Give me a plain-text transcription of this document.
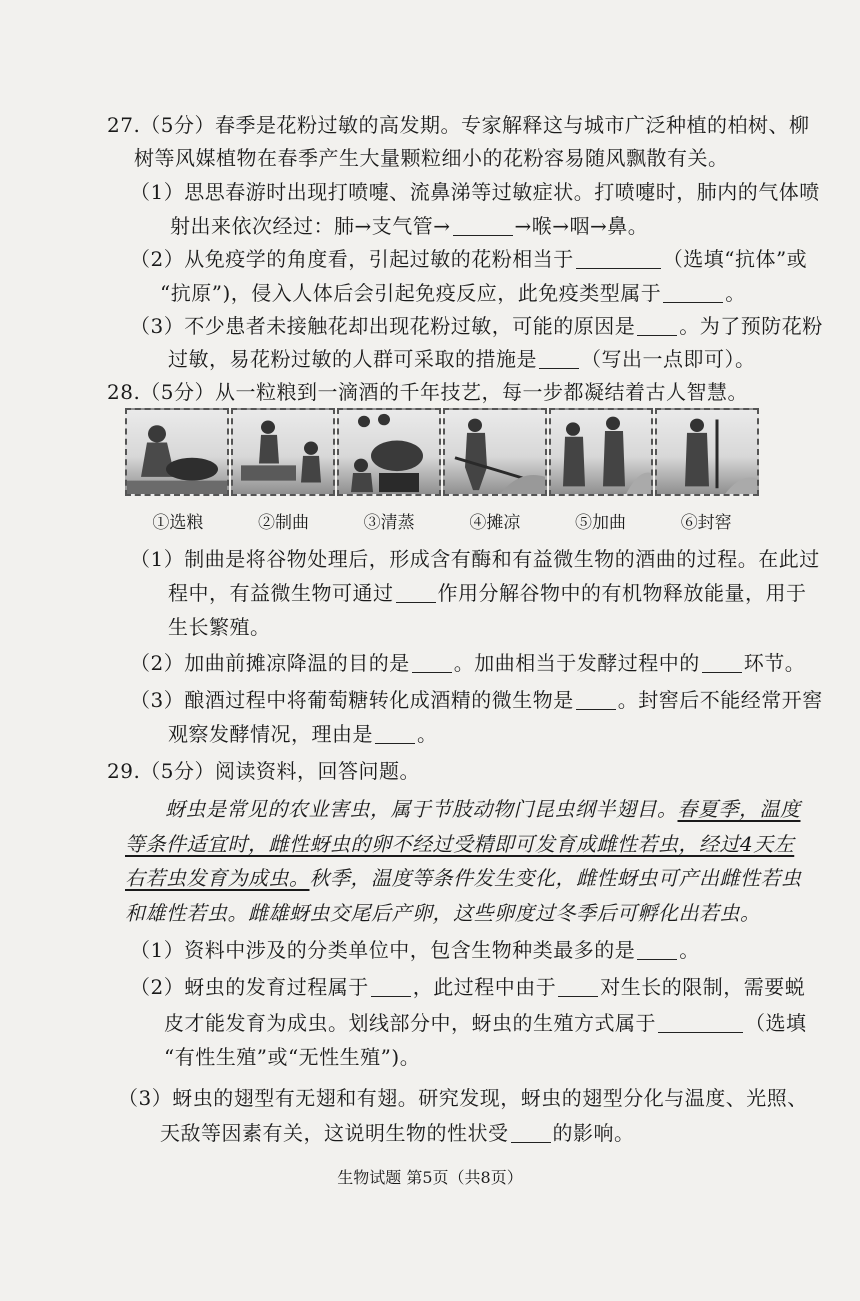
27.（5分）春季是花粉过敏的高发期。专家解释这与城市广泛种植的柏树、柳
树等风媒植物在春季产生大量颗粒细小的花粉容易随风飘散有关。
（1）思思春游时出现打喷嚏、流鼻涕等过敏症状。打喷嚏时，肺内的气体喷
射出来依次经过：肺→支气管→	→喉→咽→鼻。
（2）从免疫学的角度看，引起过敏的花粉相当于	（选填“抗体”或
“抗原”)，侵入人体后会引起免疫反应，此免疫类型属于	。
（3）不少患者未接触花却出现花粉过敏，可能的原因是 。为了预防花粉
过敏，易花粉过敏的人群可采取的措施是 （写出一点即可）。
28.（5分）从一粒粮到一滴酒的千年技艺，每一步都凝结着古人智慧。
①选粮	②制曲	③清蒸	④摊凉	⑤加曲	⑥封窖
（1）制曲是将谷物处理后，形成含有酶和有益微生物的酒曲的过程。在此过
程中，有益微生物可通过 作用分解谷物中的有机物释放能量，用于
生长繁殖。
（2）加曲前摊凉降温的目的是 。加曲相当于发酵过程中的 环节。
（3）酿酒过程中将葡萄糖转化成酒精的微生物是 。封窖后不能经常开窖
观察发酵情况，理由是 。
29.（5分）阅读资料，回答问题。
蚜虫是常见的农业害虫，属于节肢动物门昆虫纲半翅目。春夏季，温度
等条件适宜时，雌性蚜虫的卵不经过受精即可发育成雌性若虫，经过4天左
右若虫发育为成虫。秋季，温度等条件发生变化，雌性蚜虫可产出雌性若虫
和雄性若虫。雌雄蚜虫交尾后产卵，这些卵度过冬季后可孵化出若虫。
（1）资料中涉及的分类单位中，包含生物种类最多的是 。
（2）蚜虫的发育过程属于 ，此过程中由于 对生长的限制，需要蜕
皮才能发育为成虫。划线部分中，蚜虫的生殖方式属于	（选填
“有性生殖”或“无性生殖”)。
（3）蚜虫的翅型有无翅和有翅。研究发现，蚜虫的翅型分化与温度、光照、
天敌等因素有关，这说明生物的性状受 的影响。
生物试题 第5页（共8页）
